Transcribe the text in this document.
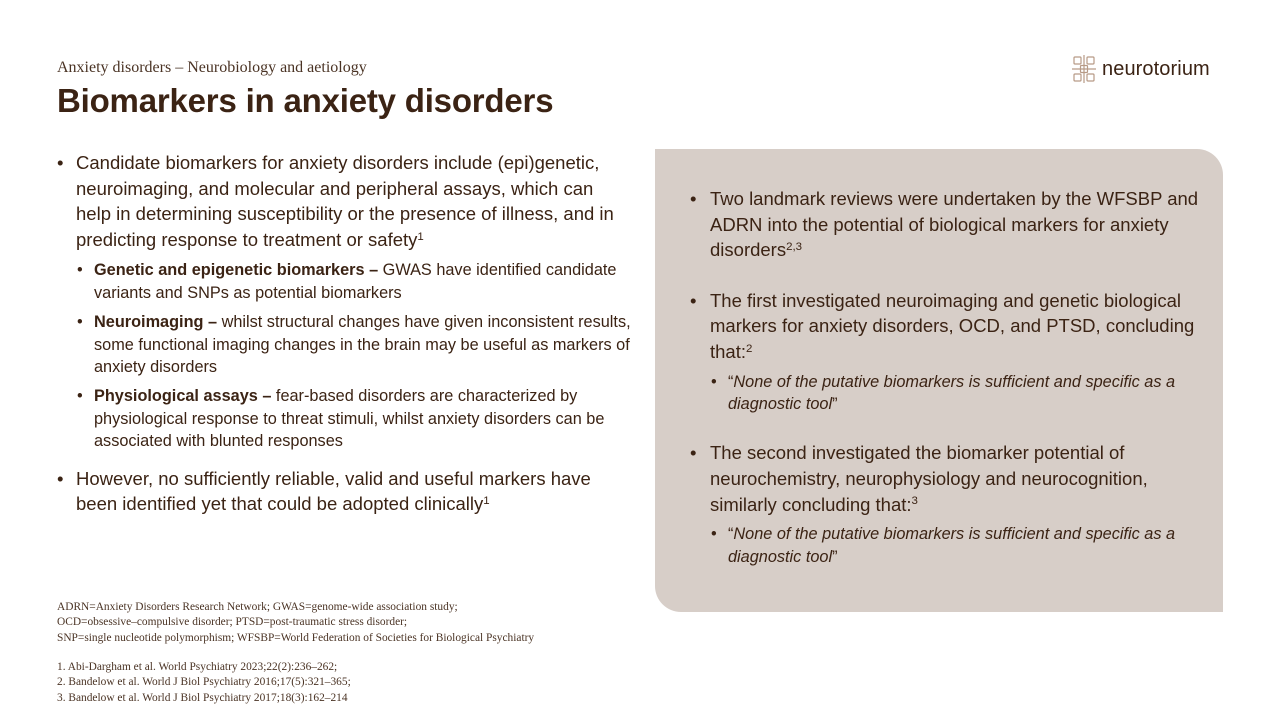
Anxiety disorders – Neurobiology and aetiology
Biomarkers in anxiety disorders
neurotorium
• Candidate biomarkers for anxiety disorders include (epi)genetic, neuroimaging, and molecular and peripheral assays, which can help in determining susceptibility or the presence of illness, and in predicting response to treatment or safety$^1$
• Genetic and epigenetic biomarkers – GWAS have identified candidate variants and SNPs as potential biomarkers
• Neuroimaging – whilst structural changes have given inconsistent results, some functional imaging changes in the brain may be useful as markers of anxiety disorders
• Physiological assays – fear-based disorders are characterized by physiological response to threat stimuli, whilst anxiety disorders can be associated with blunted responses
• However, no sufficiently reliable, valid and useful markers have been identified yet that could be adopted clinically$^1$
• Two landmark reviews were undertaken by the WFSBP and ADRN into the potential of biological markers for anxiety disorders$^{2,3}$
• The first investigated neuroimaging and genetic biological markers for anxiety disorders, OCD, and PTSD, concluding that:$^2$
• “None of the putative biomarkers is sufficient and specific as a diagnostic tool”
• The second investigated the biomarker potential of neurochemistry, neurophysiology and neurocognition, similarly concluding that:$^3$
• “None of the putative biomarkers is sufficient and specific as a diagnostic tool”
ADRN=Anxiety Disorders Research Network; GWAS=genome-wide association study;
OCD=obsessive–compulsive disorder; PTSD=post-traumatic stress disorder;
SNP=single nucleotide polymorphism; WFSBP=World Federation of Societies for Biological Psychiatry
1. Abi-Dargham et al. World Psychiatry 2023;22(2):236–262;
2. Bandelow et al. World J Biol Psychiatry 2016;17(5):321–365;
3. Bandelow et al. World J Biol Psychiatry 2017;18(3):162–214
